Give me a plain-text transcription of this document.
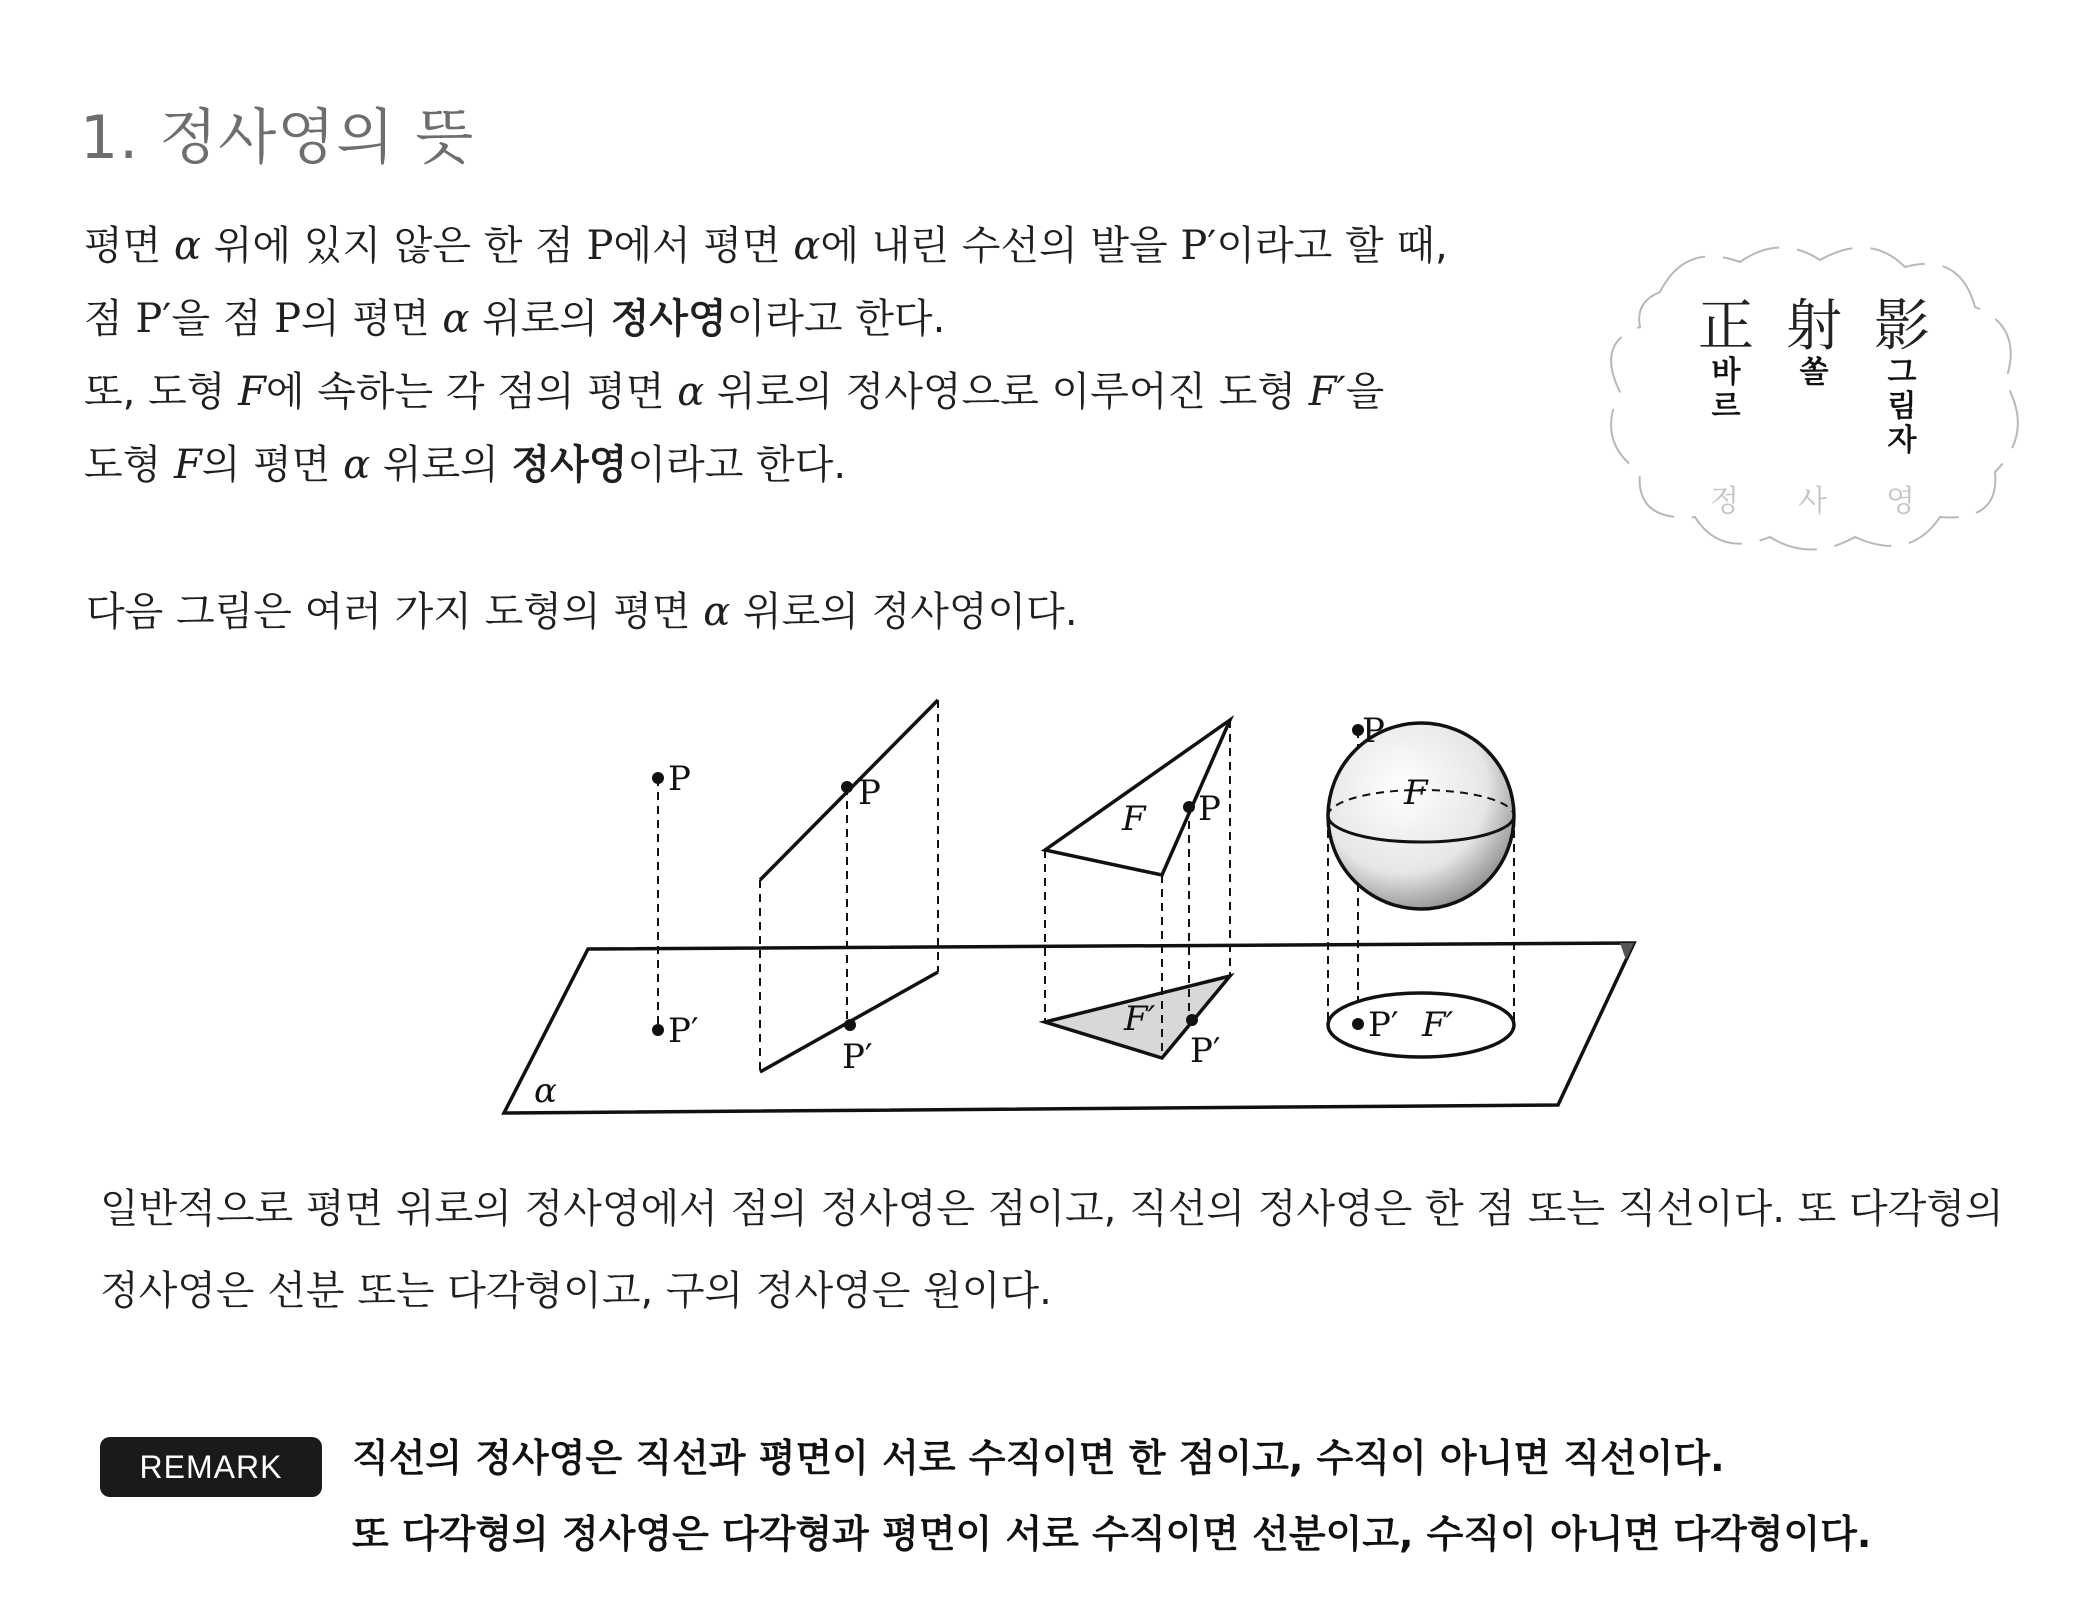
1. 정사영의 뜻
평면 α 위에 있지 않은 한 점 P에서 평면 α에 내린 수선의 발을 P′이라고 할 때,
점 P′을 점 P의 평면 α 위로의 정사영이라고 한다.
또, 도형 F에 속하는 각 점의 평면 α 위로의 정사영으로 이루어진 도형 F′을
도형 F의 평면 α 위로의 정사영이라고 한다.
正 射 影
바르
쏠 그림자
정 사 영
다음 그림은 여러 가지 도형의 평면 α 위로의 정사영이다.
α
P
P′
P
P′
F P
F′
P′
P
F
P′ F′
일반적으로 평면 위로의 정사영에서 점의 정사영은 점이고, 직선의 정사영은 한 점 또는 직선이다. 또 다각형의
정사영은 선분 또는 다각형이고, 구의 정사영은 원이다.
REMARK	직선의 정사영은 직선과 평면이 서로 수직이면 한 점이고, 수직이 아니면 직선이다.
또 다각형의 정사영은 다각형과 평면이 서로 수직이면 선분이고, 수직이 아니면 다각형이다.
